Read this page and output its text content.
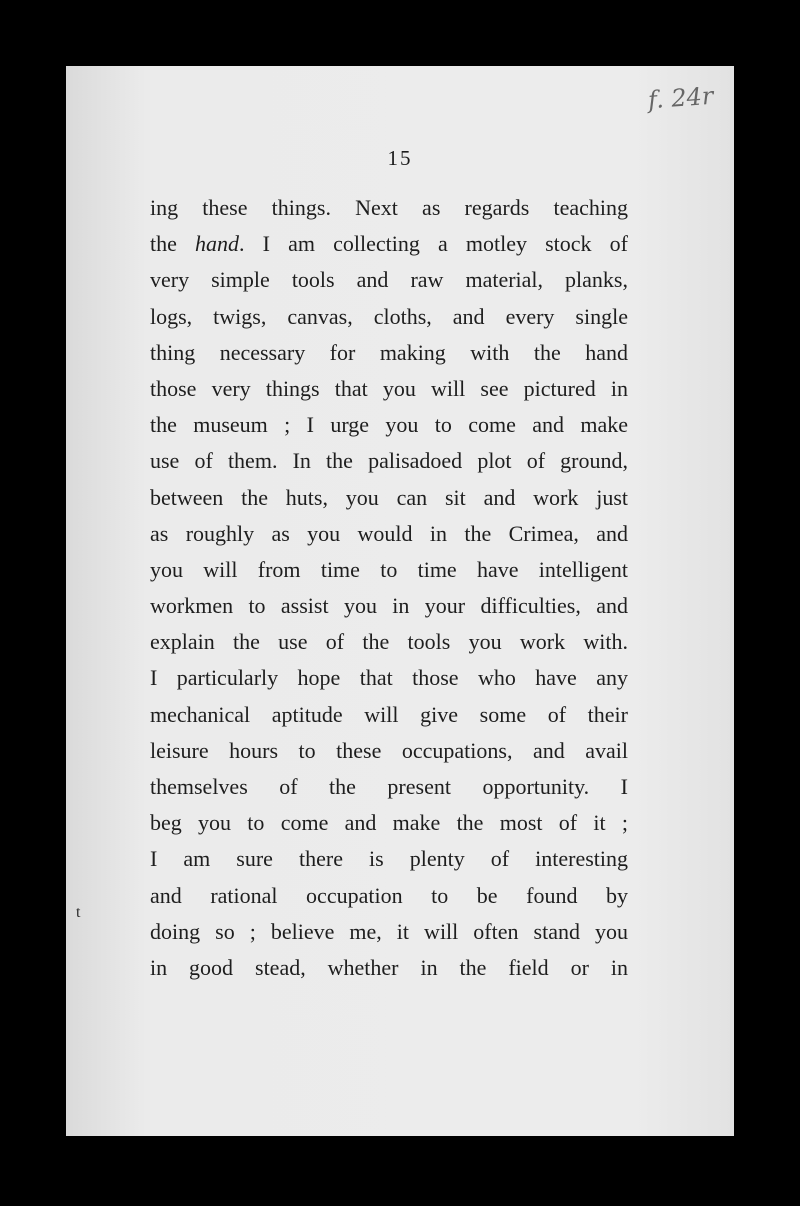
f. 24r
15
t
ing these things. Next as regards teaching
the hand. I am collecting a motley stock of
very simple tools and raw material, planks,
logs, twigs, canvas, cloths, and every single
thing necessary for making with the hand
those very things that you will see pictured in
the museum ; I urge you to come and make
use of them. In the palisadoed plot of ground,
between the huts, you can sit and work just
as roughly as you would in the Crimea, and
you will from time to time have intelligent
workmen to assist you in your difficulties, and
explain the use of the tools you work with.
I particularly hope that those who have any
mechanical aptitude will give some of their
leisure hours to these occupations, and avail
themselves of the present opportunity. I
beg you to come and make the most of it ;
I am sure there is plenty of interesting
and rational occupation to be found by
doing so ; believe me, it will often stand you
in good stead, whether in the field or in
